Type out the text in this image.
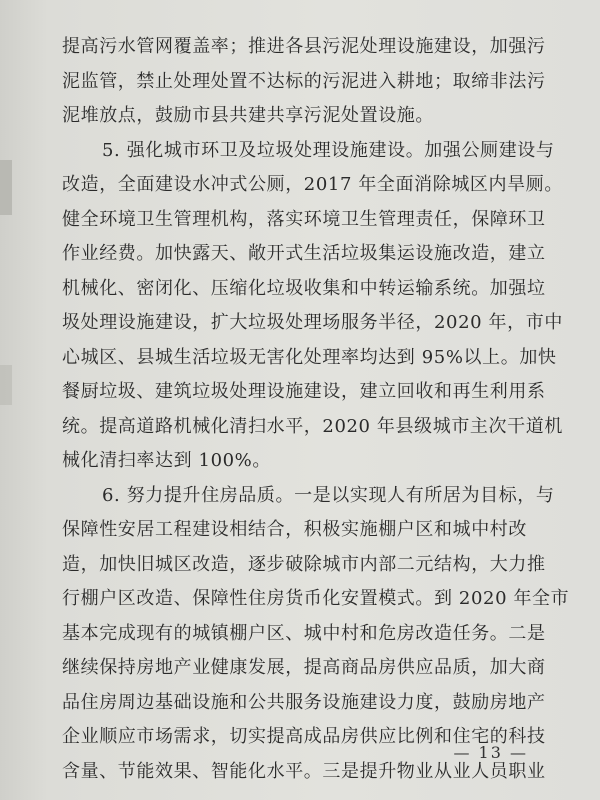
提高污水管网覆盖率；推进各县污泥处理设施建设，加强污
泥监管，禁止处理处置不达标的污泥进入耕地；取缔非法污
泥堆放点，鼓励市县共建共享污泥处置设施。
5. 强化城市环卫及垃圾处理设施建设。加强公厕建设与
改造，全面建设水冲式公厕，2017 年全面消除城区内旱厕。
健全环境卫生管理机构，落实环境卫生管理责任，保障环卫
作业经费。加快露天、敞开式生活垃圾集运设施改造，建立
机械化、密闭化、压缩化垃圾收集和中转运输系统。加强垃
圾处理设施建设，扩大垃圾处理场服务半径，2020 年，市中
心城区、县城生活垃圾无害化处理率均达到 95%以上。加快
餐厨垃圾、建筑垃圾处理设施建设，建立回收和再生利用系
统。提高道路机械化清扫水平，2020 年县级城市主次干道机
械化清扫率达到 100%。
6. 努力提升住房品质。一是以实现人有所居为目标，与
保障性安居工程建设相结合，积极实施棚户区和城中村改
造，加快旧城区改造，逐步破除城市内部二元结构，大力推
行棚户区改造、保障性住房货币化安置模式。到 2020 年全市
基本完成现有的城镇棚户区、城中村和危房改造任务。二是
继续保持房地产业健康发展，提高商品房供应品质，加大商
品住房周边基础设施和公共服务设施建设力度，鼓励房地产
企业顺应市场需求，切实提高成品房供应比例和住宅的科技
含量、节能效果、智能化水平。三是提升物业从业人员职业
— 13 —
